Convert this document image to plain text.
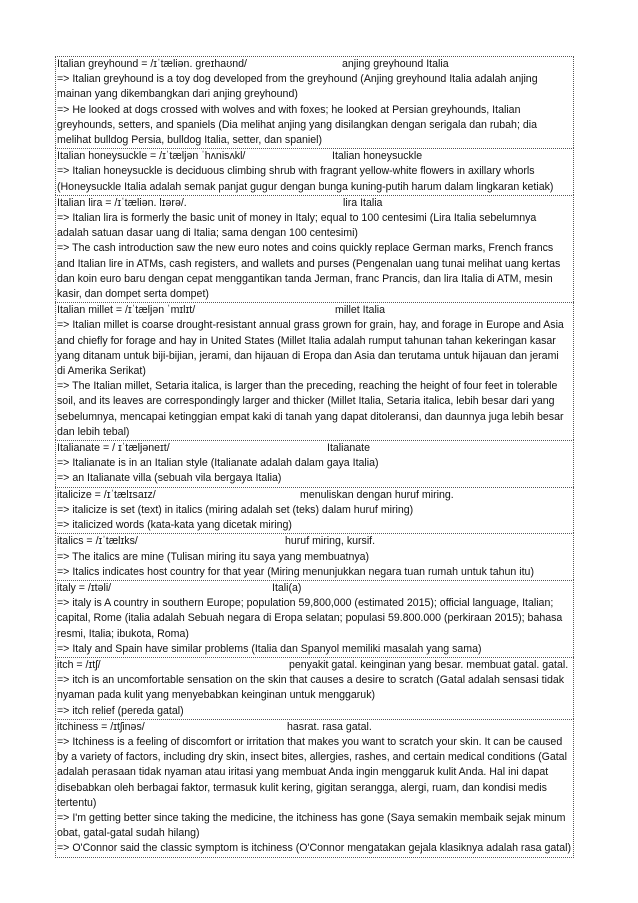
Italian greyhound = /ɪˈtæliən. ɡreɪhaʊnd/	anjing greyhound Italia
=> Italian greyhound is a toy dog developed from the greyhound (Anjing greyhound Italia adalah anjing
mainan yang dikembangkan dari anjing greyhound)
=> He looked at dogs crossed with wolves and with foxes; he looked at Persian greyhounds, Italian
greyhounds, setters, and spaniels (Dia melihat anjing yang disilangkan dengan serigala dan rubah; dia
melihat bulldog Persia, bulldog Italia, setter, dan spaniel)
Italian honeysuckle = /ɪˈtæljən ˈhʌnisʌkl/	Italian honeysuckle
=> Italian honeysuckle is deciduous climbing shrub with fragrant yellow-white flowers in axillary whorls
(Honeysuckle Italia adalah semak panjat gugur dengan bunga kuning-putih harum dalam lingkaran ketiak)
Italian lira = /ɪˈtæliən. lɪərə/.	lira Italia
=> Italian lira is formerly the basic unit of money in Italy; equal to 100 centesimi (Lira Italia sebelumnya
adalah satuan dasar uang di Italia; sama dengan 100 centesimi)
=> The cash introduction saw the new euro notes and coins quickly replace German marks, French francs
and Italian lire in ATMs, cash registers, and wallets and purses (Pengenalan uang tunai melihat uang kertas
dan koin euro baru dengan cepat menggantikan tanda Jerman, franc Prancis, dan lira Italia di ATM, mesin
kasir, dan dompet serta dompet)
Italian millet = /ɪˈtæljən ˈmɪlɪt/	millet Italia
=> Italian millet is coarse drought-resistant annual grass grown for grain, hay, and forage in Europe and Asia
and chiefly for forage and hay in United States (Millet Italia adalah rumput tahunan tahan kekeringan kasar
yang ditanam untuk biji-bijian, jerami, dan hijauan di Eropa dan Asia dan terutama untuk hijauan dan jerami
di Amerika Serikat)
=> The Italian millet, Setaria italica, is larger than the preceding, reaching the height of four feet in tolerable
soil, and its leaves are correspondingly larger and thicker (Millet Italia, Setaria italica, lebih besar dari yang
sebelumnya, mencapai ketinggian empat kaki di tanah yang dapat ditoleransi, dan daunnya juga lebih besar
dan lebih tebal)
Italianate = / ɪˈtæljəneɪt/	Italianate
=> Italianate is in an Italian style (Italianate adalah dalam gaya Italia)
=> an Italianate villa (sebuah vila bergaya Italia)
italicize = /ɪˈtælɪsaɪz/	menuliskan dengan huruf miring.
=> italicize is set (text) in italics (miring adalah set (teks) dalam huruf miring)
=> italicized words (kata-kata yang dicetak miring)
italics = /ɪˈtælɪks/	huruf miring, kursif.
=> The italics are mine (Tulisan miring itu saya yang membuatnya)
=> Italics indicates host country for that year (Miring menunjukkan negara tuan rumah untuk tahun itu)
italy = /ɪtəli/	Itali(a)
=> italy is A country in southern Europe; population 59,800,000 (estimated 2015); official language, Italian;
capital, Rome (italia adalah Sebuah negara di Eropa selatan; populasi 59.800.000 (perkiraan 2015); bahasa
resmi, Italia; ibukota, Roma)
=> Italy and Spain have similar problems (Italia dan Spanyol memiliki masalah yang sama)
itch = /ɪtʃ/	penyakit gatal. keinginan yang besar. membuat gatal. gatal.
=> itch is an uncomfortable sensation on the skin that causes a desire to scratch (Gatal adalah sensasi tidak
nyaman pada kulit yang menyebabkan keinginan untuk menggaruk)
=> itch relief (pereda gatal)
itchiness = /ɪtʃinəs/	hasrat. rasa gatal.
=> Itchiness is a feeling of discomfort or irritation that makes you want to scratch your skin. It can be caused
by a variety of factors, including dry skin, insect bites, allergies, rashes, and certain medical conditions (Gatal
adalah perasaan tidak nyaman atau iritasi yang membuat Anda ingin menggaruk kulit Anda. Hal ini dapat
disebabkan oleh berbagai faktor, termasuk kulit kering, gigitan serangga, alergi, ruam, dan kondisi medis
tertentu)
=> I'm getting better since taking the medicine, the itchiness has gone (Saya semakin membaik sejak minum
obat, gatal-gatal sudah hilang)
=> O'Connor said the classic symptom is itchiness (O'Connor mengatakan gejala klasiknya adalah rasa gatal)
